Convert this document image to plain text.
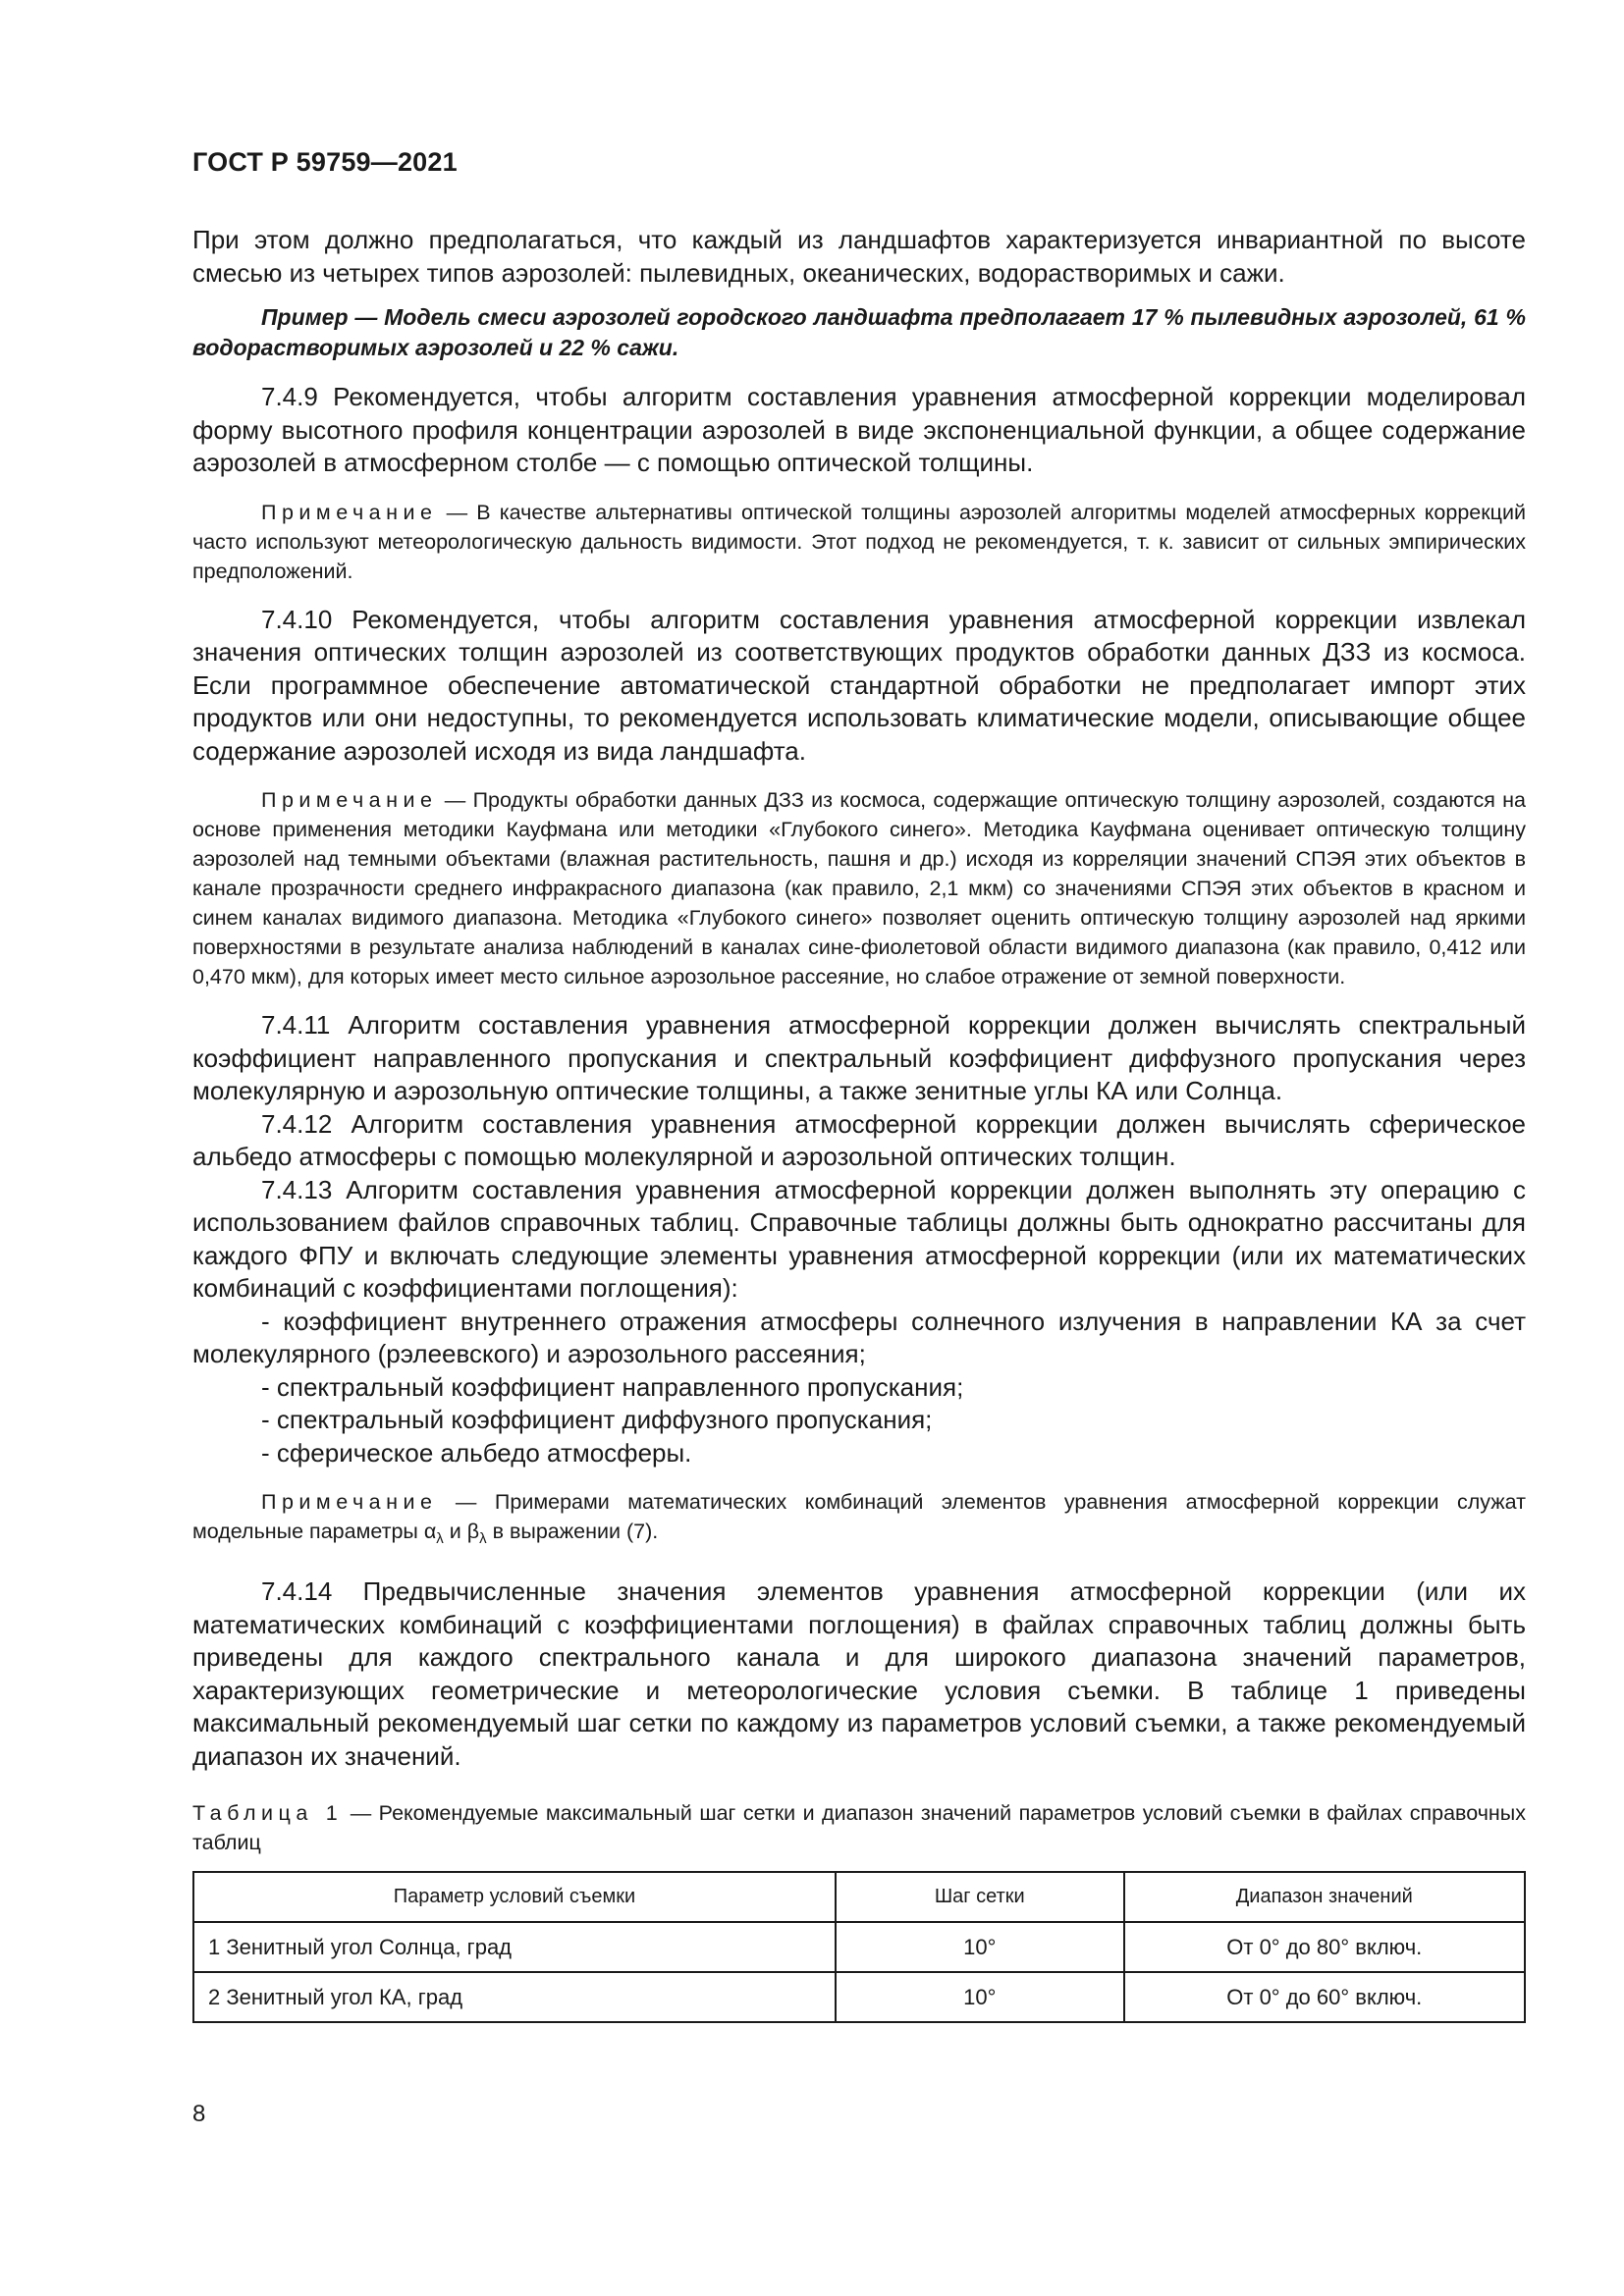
ГОСТ Р 59759—2021

При этом должно предполагаться, что каждый из ландшафтов характеризуется инвариантной по высоте смесью из четырех типов аэрозолей: пылевидных, океанических, водорастворимых и сажи.

Пример — Модель смеси аэрозолей городского ландшафта предполагает 17 % пылевидных аэрозолей, 61 % водорастворимых аэрозолей и 22 % сажи.

7.4.9 Рекомендуется, чтобы алгоритм составления уравнения атмосферной коррекции моделировал форму высотного профиля концентрации аэрозолей в виде экспоненциальной функции, а общее содержание аэрозолей в атмосферном столбе — с помощью оптической толщины.

Примечание — В качестве альтернативы оптической толщины аэрозолей алгоритмы моделей атмосферных коррекций часто используют метеорологическую дальность видимости. Этот подход не рекомендуется, т. к. зависит от сильных эмпирических предположений.

7.4.10 Рекомендуется, чтобы алгоритм составления уравнения атмосферной коррекции извлекал значения оптических толщин аэрозолей из соответствующих продуктов обработки данных ДЗЗ из космоса. Если программное обеспечение автоматической стандартной обработки не предполагает импорт этих продуктов или они недоступны, то рекомендуется использовать климатические модели, описывающие общее содержание аэрозолей исходя из вида ландшафта.

Примечание — Продукты обработки данных ДЗЗ из космоса, содержащие оптическую толщину аэрозолей, создаются на основе применения методики Кауфмана или методики «Глубокого синего». Методика Кауфмана оценивает оптическую толщину аэрозолей над темными объектами (влажная растительность, пашня и др.) исходя из корреляции значений СПЭЯ этих объектов в канале прозрачности среднего инфракрасного диапазона (как правило, 2,1 мкм) со значениями СПЭЯ этих объектов в красном и синем каналах видимого диапазона. Методика «Глубокого синего» позволяет оценить оптическую толщину аэрозолей над яркими поверхностями в результате анализа наблюдений в каналах сине-фиолетовой области видимого диапазона (как правило, 0,412 или 0,470 мкм), для которых имеет место сильное аэрозольное рассеяние, но слабое отражение от земной поверхности.

7.4.11 Алгоритм составления уравнения атмосферной коррекции должен вычислять спектральный коэффициент направленного пропускания и спектральный коэффициент диффузного пропускания через молекулярную и аэрозольную оптические толщины, а также зенитные углы КА или Солнца.

7.4.12 Алгоритм составления уравнения атмосферной коррекции должен вычислять сферическое альбедо атмосферы с помощью молекулярной и аэрозольной оптических толщин.

7.4.13 Алгоритм составления уравнения атмосферной коррекции должен выполнять эту операцию с использованием файлов справочных таблиц. Справочные таблицы должны быть однократно рассчитаны для каждого ФПУ и включать следующие элементы уравнения атмосферной коррекции (или их математических комбинаций с коэффициентами поглощения):

- коэффициент внутреннего отражения атмосферы солнечного излучения в направлении КА за счет молекулярного (рэлеевского) и аэрозольного рассеяния;

- спектральный коэффициент направленного пропускания;

- спектральный коэффициент диффузного пропускания;

- сферическое альбедо атмосферы.

Примечание — Примерами математических комбинаций элементов уравнения атмосферной коррекции служат модельные параметры $\alpha_\lambda$ и $\beta_\lambda$ в выражении (7).

7.4.14 Предвычисленные значения элементов уравнения атмосферной коррекции (или их математических комбинаций с коэффициентами поглощения) в файлах справочных таблиц должны быть приведены для каждого спектрального канала и для широкого диапазона значений параметров, характеризующих геометрические и метеорологические условия съемки. В таблице 1 приведены максимальный рекомендуемый шаг сетки по каждому из параметров условий съемки, а также рекомендуемый диапазон их значений.

Таблица 1 — Рекомендуемые максимальный шаг сетки и диапазон значений параметров условий съемки в файлах справочных таблиц

Параметр условий съемки	Шаг сетки	Диапазон значений
1 Зенитный угол Солнца, град	10°	От 0° до 80° включ.
2 Зенитный угол КА, град	10°	От 0° до 60° включ.
8
